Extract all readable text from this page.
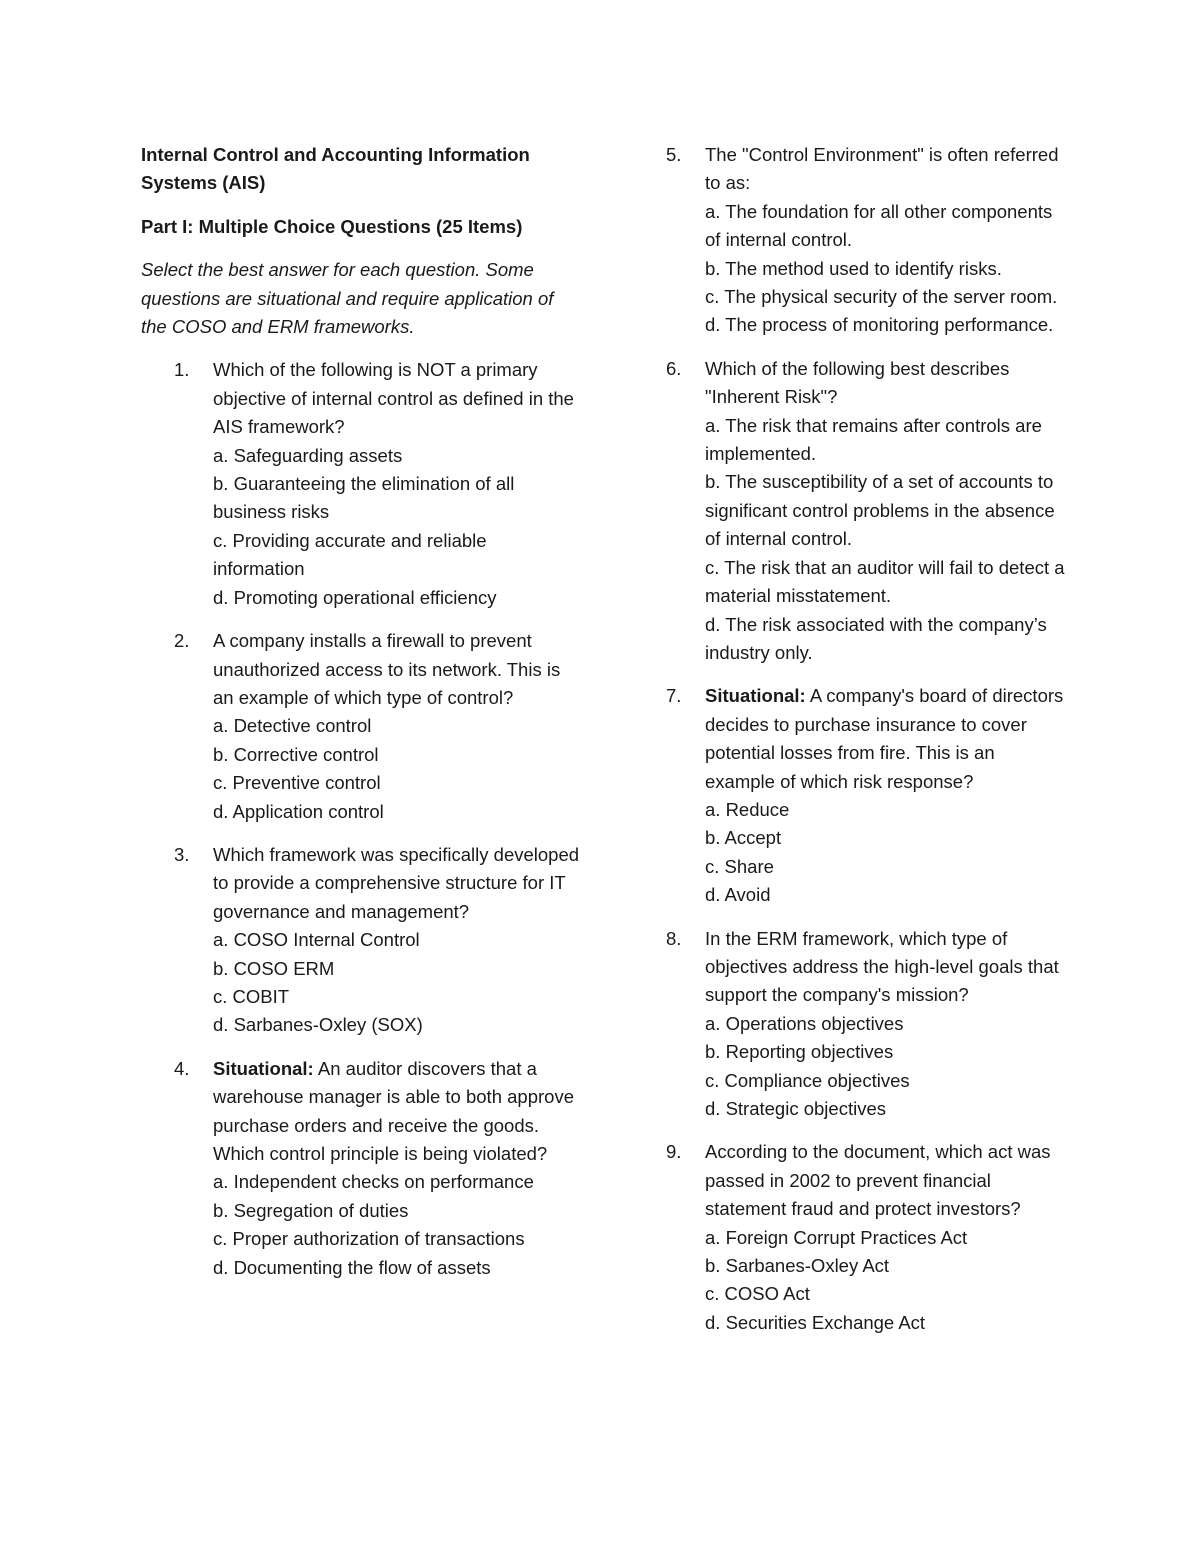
Internal Control and Accounting Information Systems (AIS)

Part I: Multiple Choice Questions (25 Items)

Select the best answer for each question. Some questions are situational and require application of the COSO and ERM frameworks.

1.	Which of the following is NOT a primary objective of internal control as defined in the AIS framework?
a. Safeguarding assets
b. Guaranteeing the elimination of all business risks
c. Providing accurate and reliable information
d. Promoting operational efficiency
2.	A company installs a firewall to prevent unauthorized access to its network. This is an example of which type of control?
a. Detective control
b. Corrective control
c. Preventive control
d. Application control
3.	Which framework was specifically developed to provide a comprehensive structure for IT governance and management?
a. COSO Internal Control
b. COSO ERM
c. COBIT
d. Sarbanes-Oxley (SOX)
4.	Situational: An auditor discovers that a warehouse manager is able to both approve purchase orders and receive the goods. Which control principle is being violated?
a. Independent checks on performance
b. Segregation of duties
c. Proper authorization of transactions
d. Documenting the flow of assets
5.	The "Control Environment" is often referred to as:
a. The foundation for all other components of internal control.
b. The method used to identify risks.
c. The physical security of the server room.
d. The process of monitoring performance.
6.	Which of the following best describes "Inherent Risk"?
a. The risk that remains after controls are implemented.
b. The susceptibility of a set of accounts to significant control problems in the absence of internal control.
c. The risk that an auditor will fail to detect a material misstatement.
d. The risk associated with the company’s industry only.
7.	Situational: A company's board of directors decides to purchase insurance to cover potential losses from fire. This is an example of which risk response?
a. Reduce
b. Accept
c. Share
d. Avoid
8.	In the ERM framework, which type of objectives address the high-level goals that support the company's mission?
a. Operations objectives
b. Reporting objectives
c. Compliance objectives
d. Strategic objectives
9.	According to the document, which act was passed in 2002 to prevent financial statement fraud and protect investors?
a. Foreign Corrupt Practices Act
b. Sarbanes-Oxley Act
c. COSO Act
d. Securities Exchange Act
